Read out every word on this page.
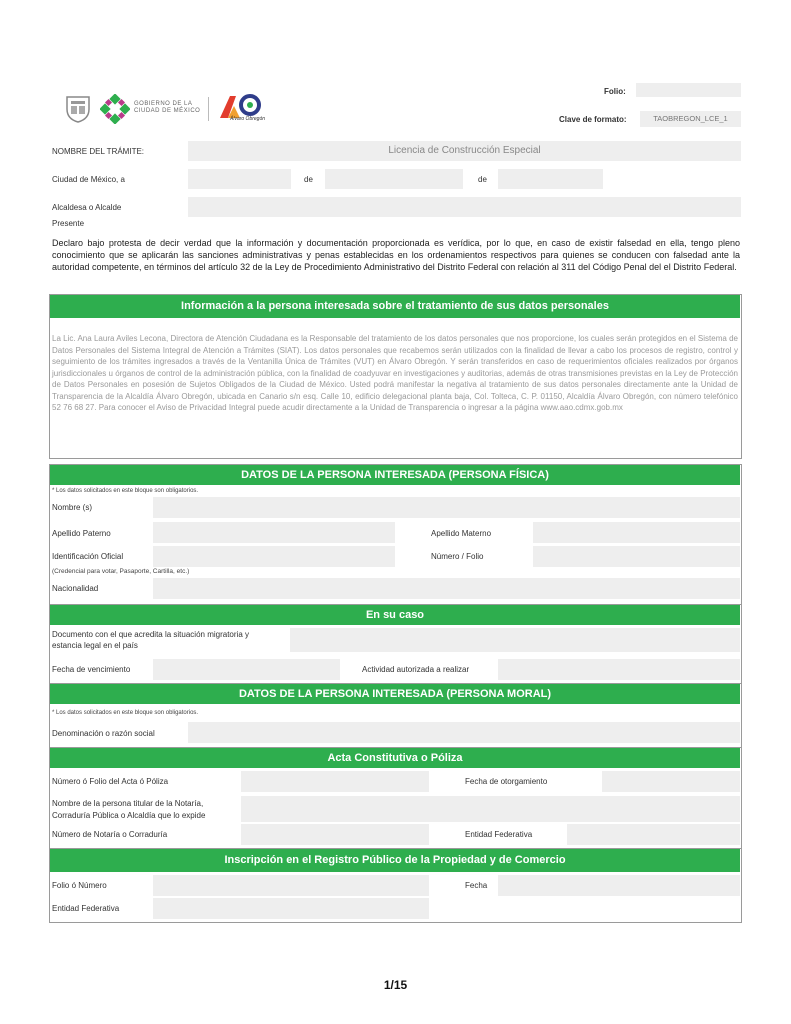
GOBIERNO DE LA
CIUDAD DE MÉXICO
Álvaro Obregón
Folio:
Clave de formato:	TAOBREGON_LCE_1
NOMBRE DEL TRÁMITE:	Licencia de Construcción Especial
Ciudad de México, a	de	de
Alcaldesa o Alcalde
Presente
Declaro bajo protesta de decir verdad que la información y documentación proporcionada es verídica, por lo que, en caso de existir falsedad en ella, tengo pleno conocimiento que se aplicarán las sanciones administrativas y penas establecidas en los ordenamientos respectivos para quienes se conducen con falsedad ante la autoridad competente, en términos del artículo 32 de la Ley de Procedimiento Administrativo del Distrito Federal con relación al 311 del Código Penal del el Distrito Federal.
Información a la persona interesada sobre el tratamiento de sus datos personales
La Lic. Ana Laura Aviles Lecona, Directora de Atención Ciudadana es la Responsable del tratamiento de los datos personales que nos proporcione, los cuales serán protegidos en el Sistema de Datos Personales del Sistema Integral de Atención a Trámites (SIAT). Los datos personales que recabemos serán utilizados con la finalidad de llevar a cabo los procesos de registro, control y seguimiento de los trámites ingresados a través de la Ventanilla Única de Trámites (VUT) en Álvaro Obregón. Y serán transferidos en caso de requerimientos oficiales realizados por órganos jurisdiccionales u órganos de control de la administración pública, con la finalidad de coadyuvar en investigaciones y auditorias, además de otras transmisiones previstas en la Ley de Protección de Datos Personales en posesión de Sujetos Obligados de la Ciudad de México. Usted podrá manifestar la negativa al tratamiento de sus datos personales directamente ante la Unidad de Transparencia de la Alcaldía Álvaro Obregón, ubicada en Canario s/n esq. Calle 10, edificio delegacional planta baja, Col. Tolteca, C. P. 01150, Alcaldía Álvaro Obregón, con número telefónico 52 76 68 27. Para conocer el Aviso de Privacidad Integral puede acudir directamente a la Unidad de Transparencia o ingresar a la página www.aao.cdmx.gob.mx
DATOS DE LA PERSONA INTERESADA (PERSONA FÍSICA)
* Los datos solicitados en este bloque son obligatorios.
Nombre (s)
Apellido Paterno	Apellido Materno
Identificación Oficial	Número / Folio
(Credencial para votar, Pasaporte, Cartilla, etc.)
Nacionalidad
En su caso
Documento con el que acredita la situación migratoria y
estancia legal en el país
Fecha de vencimiento	Actividad autorizada a realizar
DATOS DE LA PERSONA INTERESADA (PERSONA MORAL)
* Los datos solicitados en este bloque son obligatorios.
Denominación o razón social
Acta Constitutiva o Póliza
Número ó Folio del Acta ó Póliza	Fecha de otorgamiento
Nombre de la persona titular de la Notaría,
Corraduría Pública o Alcaldía que lo expide
Número de Notaría o Corraduría	Entidad Federativa
Inscripción en el Registro Público de la Propiedad y de Comercio
Folio ó Número	Fecha
Entidad Federativa
1/15
